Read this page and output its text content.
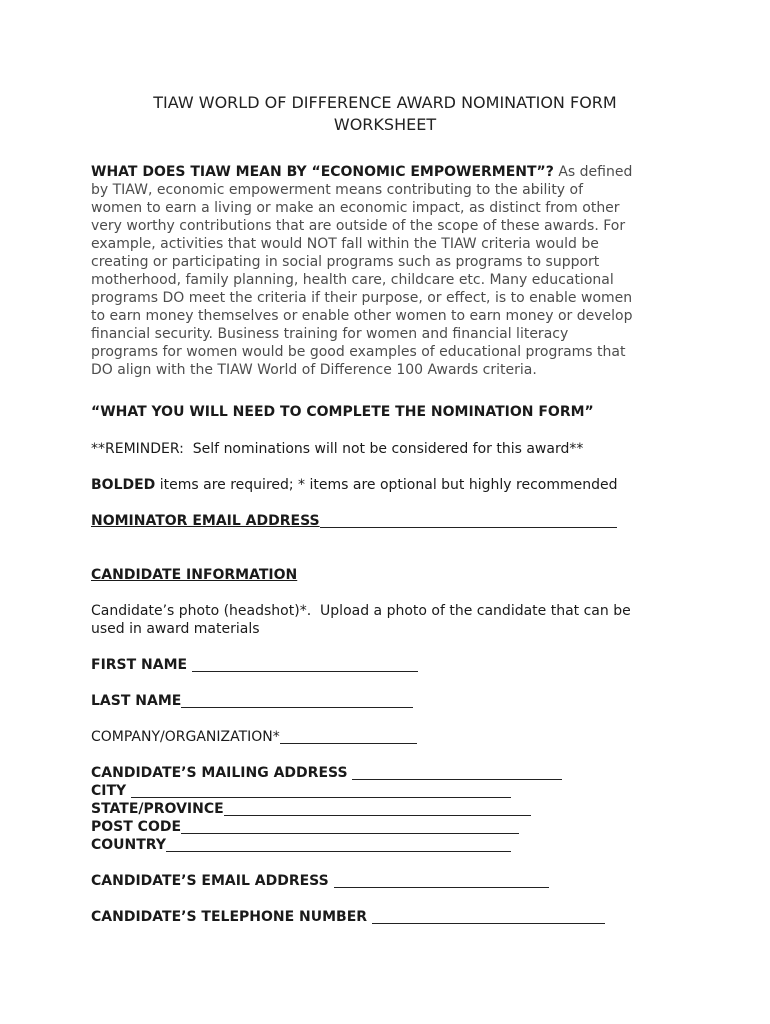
TIAW WORLD OF DIFFERENCE AWARD NOMINATION FORM
WORKSHEET
WHAT DOES TIAW MEAN BY “ECONOMIC EMPOWERMENT”? As defined
by TIAW, economic empowerment means contributing to the ability of
women to earn a living or make an economic impact, as distinct from other
very worthy contributions that are outside of the scope of these awards. For
example, activities that would NOT fall within the TIAW criteria would be
creating or participating in social programs such as programs to support
motherhood, family planning, health care, childcare etc. Many educational
programs DO meet the criteria if their purpose, or effect, is to enable women
to earn money themselves or enable other women to earn money or develop
financial security. Business training for women and financial literacy
programs for women would be good examples of educational programs that
DO align with the TIAW World of Difference 100 Awards criteria.
“WHAT YOU WILL NEED TO COMPLETE THE NOMINATION FORM”
**REMINDER:  Self nominations will not be considered for this award**
BOLDED items are required; * items are optional but highly recommended
NOMINATOR EMAIL ADDRESS
CANDIDATE INFORMATION
Candidate’s photo (headshot)*.  Upload a photo of the candidate that can be
used in award materials
FIRST NAME
LAST NAME
COMPANY/ORGANIZATION*
CANDIDATE’S MAILING ADDRESS
CITY
STATE/PROVINCE
POST CODE
COUNTRY
CANDIDATE’S EMAIL ADDRESS
CANDIDATE’S TELEPHONE NUMBER
